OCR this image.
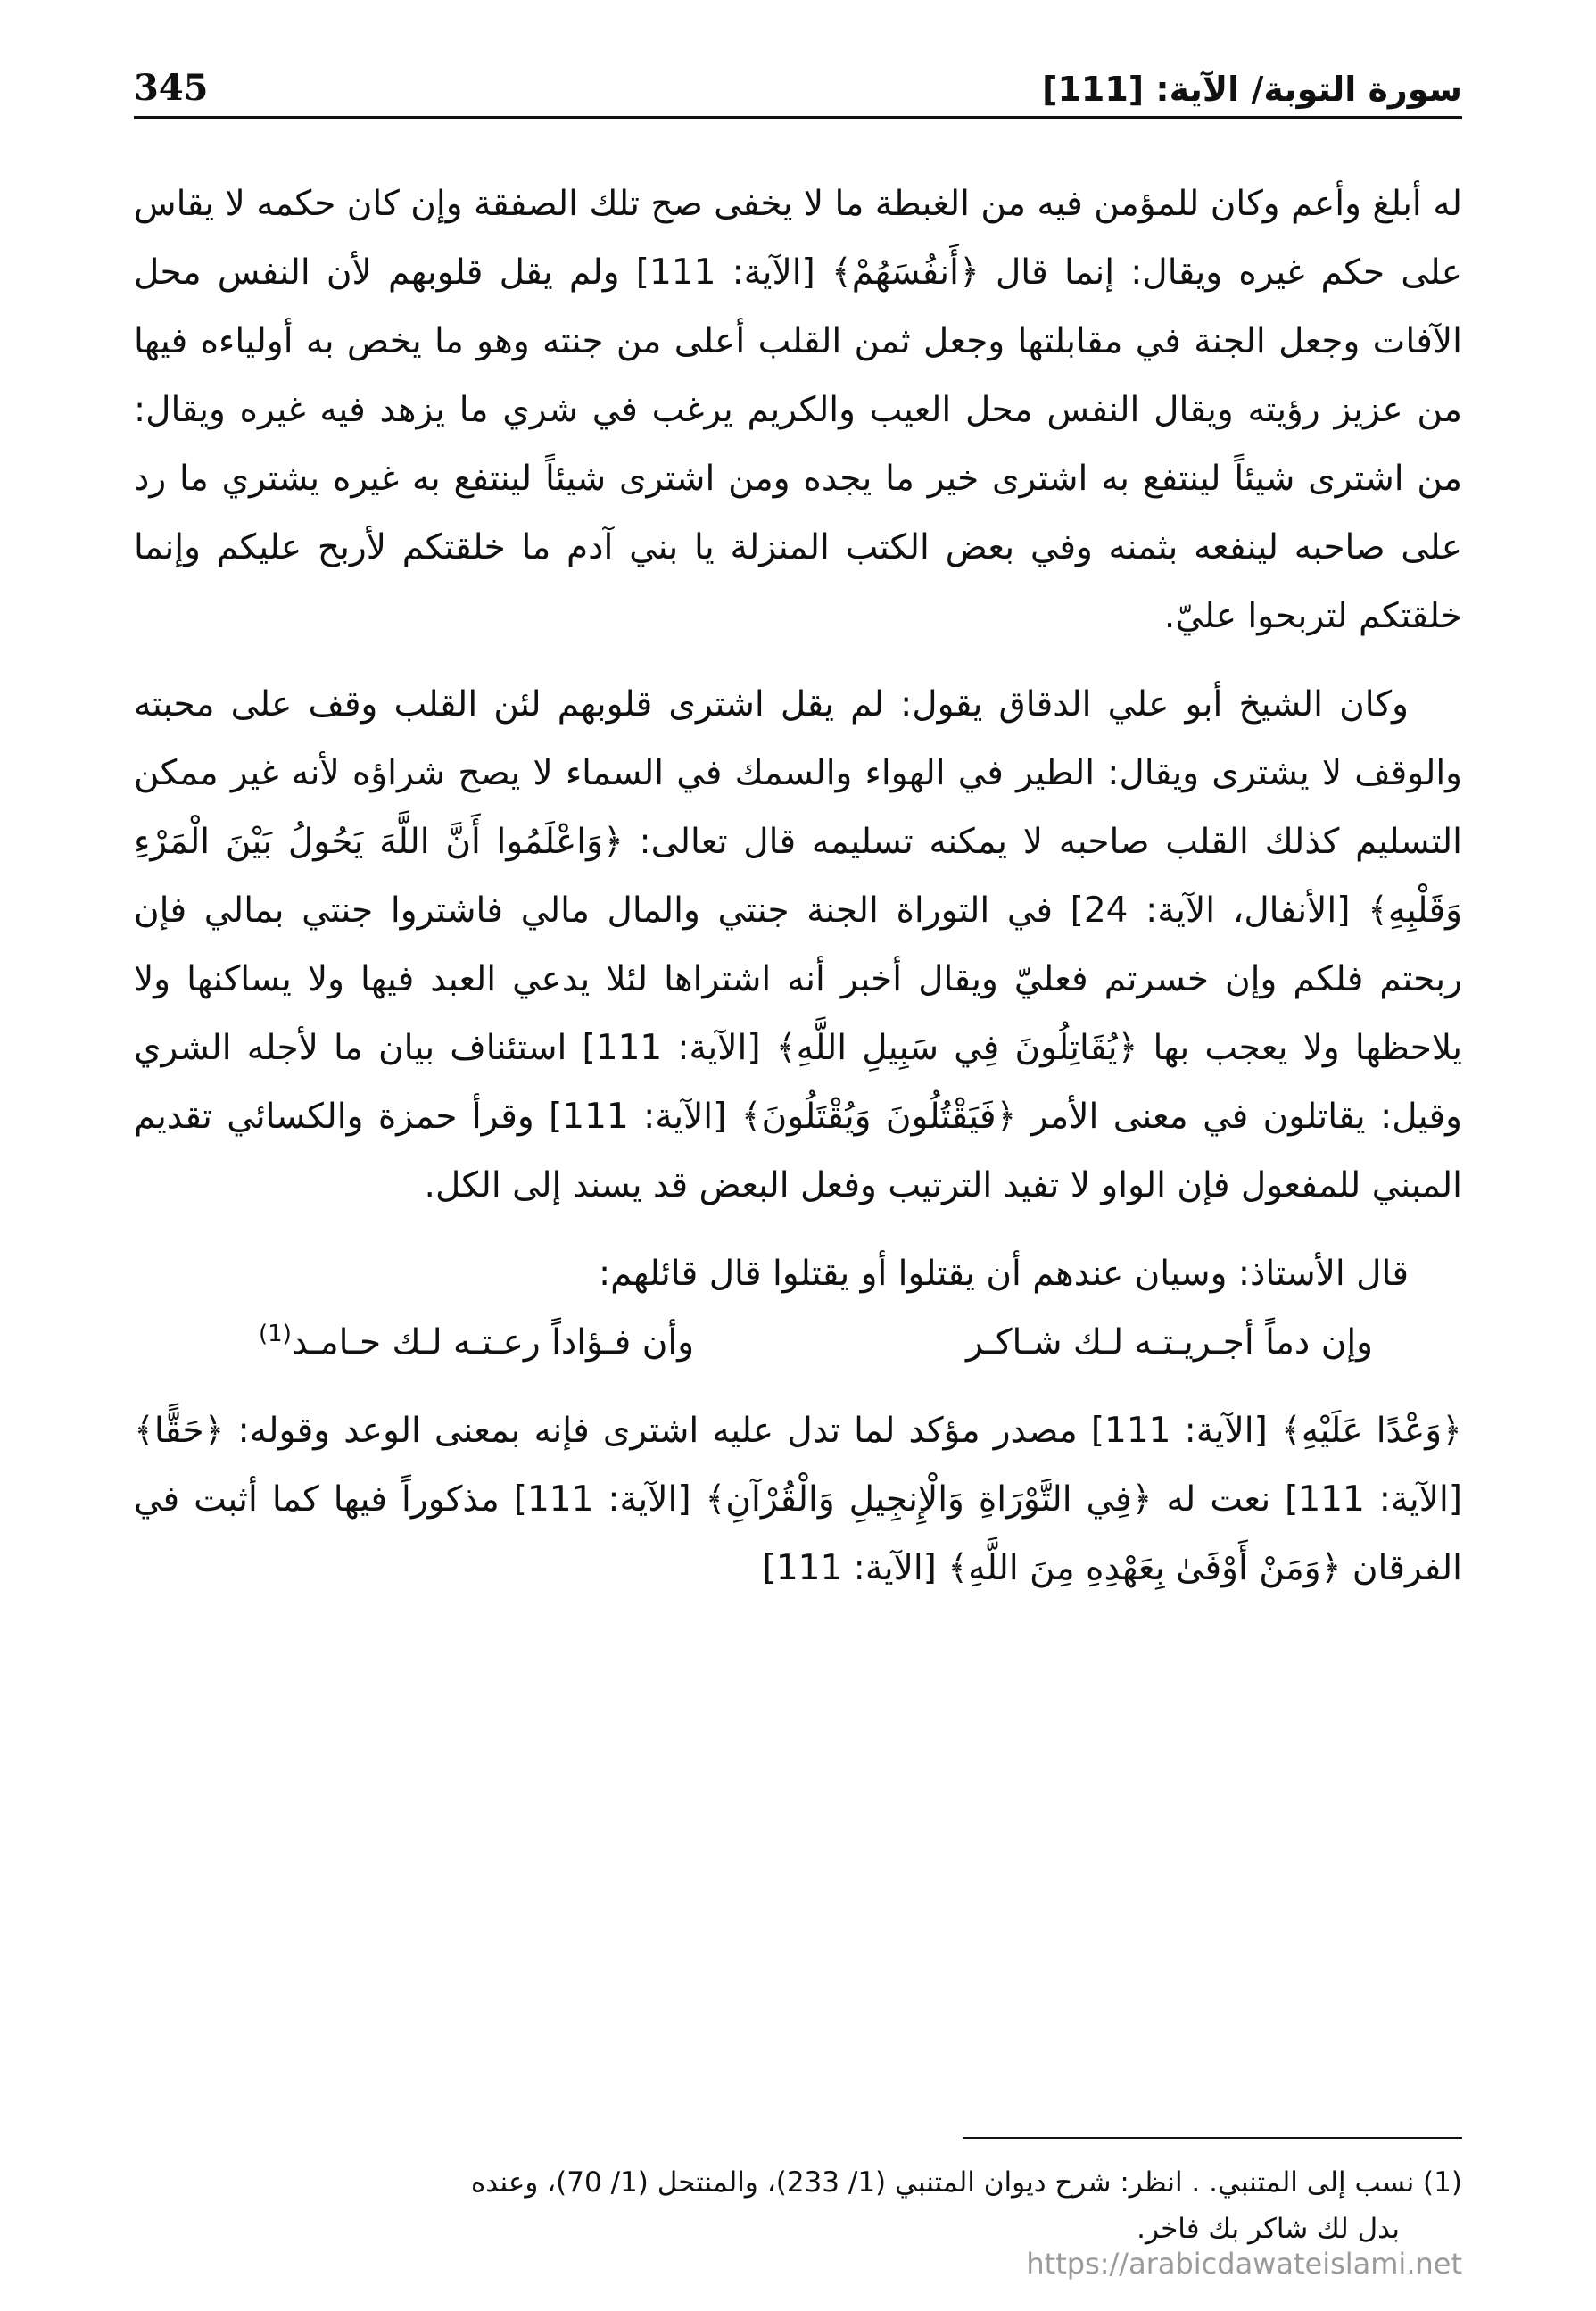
345	سورة التوبة/ الآية: [111]

له أبلغ وأعم وكان للمؤمن فيه من الغبطة ما لا يخفى صح تلك الصفقة وإن كان حكمه لا يقاس على حكم غيره ويقال: إنما قال ﴿أَنفُسَهُمْ﴾ [الآية: 111] ولم يقل قلوبهم لأن النفس محل الآفات وجعل الجنة في مقابلتها وجعل ثمن القلب أعلى من جنته وهو ما يخص به أولياءه فيها من عزيز رؤيته ويقال النفس محل العيب والكريم يرغب في شري ما يزهد فيه غيره ويقال: من اشترى شيئاً لينتفع به اشترى خير ما يجده ومن اشترى شيئاً لينتفع به غيره يشتري ما رد على صاحبه لينفعه بثمنه وفي بعض الكتب المنزلة يا بني آدم ما خلقتكم لأربح عليكم وإنما خلقتكم لتربحوا عليّ.

وكان الشيخ أبو علي الدقاق يقول: لم يقل اشترى قلوبهم لئن القلب وقف على محبته والوقف لا يشترى ويقال: الطير في الهواء والسمك في السماء لا يصح شراؤه لأنه غير ممكن التسليم كذلك القلب صاحبه لا يمكنه تسليمه قال تعالى: ﴿وَاعْلَمُوا أَنَّ اللَّهَ يَحُولُ بَيْنَ الْمَرْءِ وَقَلْبِهِ﴾ [الأنفال، الآية: 24] في التوراة الجنة جنتي والمال مالي فاشتروا جنتي بمالي فإن ربحتم فلكم وإن خسرتم فعليّ ويقال أخبر أنه اشتراها لئلا يدعي العبد فيها ولا يساكنها ولا يلاحظها ولا يعجب بها ﴿يُقَاتِلُونَ فِي سَبِيلِ اللَّهِ﴾ [الآية: 111] استئناف بيان ما لأجله الشري وقيل: يقاتلون في معنى الأمر ﴿فَيَقْتُلُونَ وَيُقْتَلُونَ﴾ [الآية: 111] وقرأ حمزة والكسائي تقديم المبني للمفعول فإن الواو لا تفيد الترتيب وفعل البعض قد يسند إلى الكل.

قال الأستاذ: وسيان عندهم أن يقتلوا أو يقتلوا قال قائلهم:

وإن دماً أجـريـتـه لـك شـاكـر
وأن فـؤاداً رعـتـه لـك حـامـد$^{(1)}$

﴿وَعْدًا عَلَيْهِ﴾ [الآية: 111] مصدر مؤكد لما تدل عليه اشترى فإنه بمعنى الوعد وقوله: ﴿حَقًّا﴾ [الآية: 111] نعت له ﴿فِي التَّوْرَاةِ وَالْإِنجِيلِ وَالْقُرْآنِ﴾ [الآية: 111] مذكوراً فيها كما أثبت في الفرقان ﴿وَمَنْ أَوْفَىٰ بِعَهْدِهِ مِنَ اللَّهِ﴾ [الآية: 111]

(1) نسب إلى المتنبي. . انظر: شرح ديوان المتنبي (1/ 233)، والمنتحل (1/ 70)، وعنده

بدل لك شاكر بك فاخر.

https://arabicdawateislami.net
